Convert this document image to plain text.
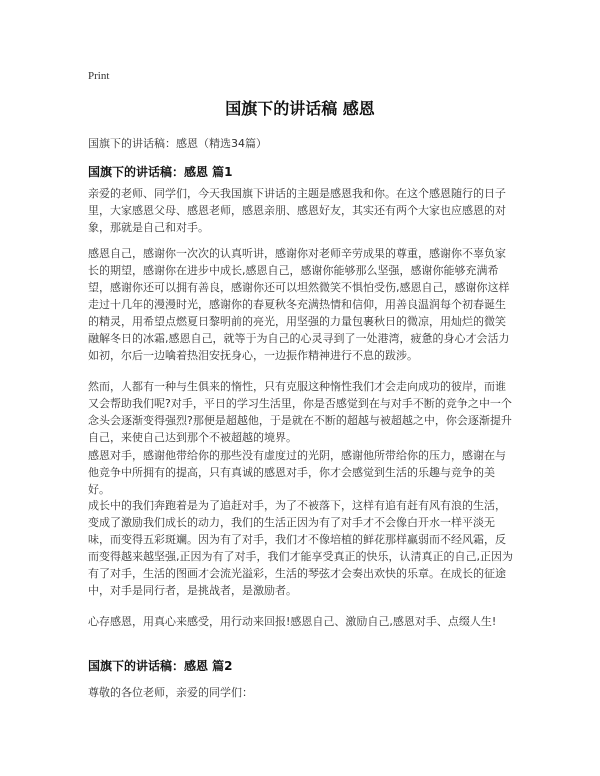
Print
国旗下的讲话稿 感恩
国旗下的讲话稿：感恩（精选34篇）
国旗下的讲话稿：感恩 篇1
亲爱的老师、同学们，今天我国旗下讲话的主题是感恩我和你。在这个感恩随行的日子里，大家感恩父母、感恩老师，感恩亲朋、感恩好友，其实还有两个大家也应感恩的对象，那就是自己和对手。
感恩自己，感谢你一次次的认真听讲，感谢你对老师辛劳成果的尊重，感谢你不辜负家长的期望，感谢你在进步中成长,感恩自己，感谢你能够那么坚强，感谢你能够充满希望，感谢你还可以拥有善良，感谢你还可以坦然微笑不惧怕受伤,感恩自己，感谢你这样走过十几年的漫漫时光，感谢你的春夏秋冬充满热情和信仰，用善良温润每个初春诞生的精灵，用希望点燃夏日黎明前的亮光，用坚强的力量包裹秋日的微凉，用灿烂的微笑融解冬日的冰霜,感恩自己，就等于为自己的心灵寻到了一处港湾，疲惫的身心才会活力如初，尔后一边噙着热泪安抚身心，一边振作精神进行不息的跋涉。
然而，人都有一种与生俱来的惰性，只有克服这种惰性我们才会走向成功的彼岸，而谁又会帮助我们呢?对手，平日的学习生活里，你是否感觉到在与对手不断的竞争之中一个念头会逐渐变得强烈?那便是超越他，于是就在不断的超越与被超越之中，你会逐渐提升自己，来使自己达到那个不被超越的境界。
感恩对手，感谢他带给你的那些没有虚度过的光阴，感谢他所带给你的压力，感谢在与他竞争中所拥有的提高，只有真诚的感恩对手，你才会感觉到生活的乐趣与竞争的美好。
成长中的我们奔跑着是为了追赶对手，为了不被落下，这样有追有赶有风有浪的生活，变成了激励我们成长的动力，我们的生活正因为有了对手才不会像白开水一样平淡无味，而变得五彩斑斓。因为有了对手，我们才不像培植的鲜花那样羸弱而不经风霜，反而变得越来越坚强,正因为有了对手，我们才能享受真正的快乐，认清真正的自己,正因为有了对手，生活的图画才会流光溢彩，生活的琴弦才会奏出欢快的乐章。在成长的征途中，对手是同行者，是挑战者，是激励者。
心存感恩，用真心来感受，用行动来回报!感恩自己、激励自己,感恩对手、点缀人生!
国旗下的讲话稿：感恩 篇2
尊敬的各位老师，亲爱的同学们：
